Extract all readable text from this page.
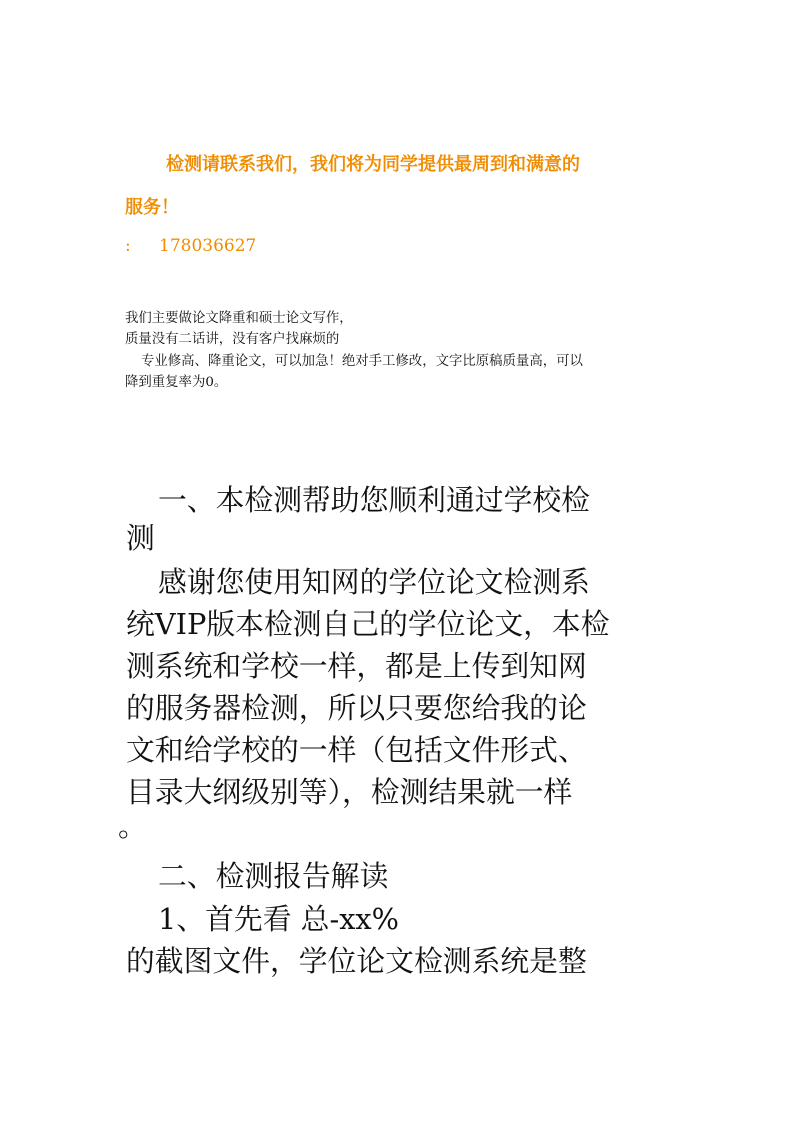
检测请联系我们，我们将为同学提供最周到和满意的
服务！
: 178036627
我们主要做论文降重和硕士论文写作，
质量没有二话讲，没有客户找麻烦的
专业修高、降重论文，可以加急！绝对手工修改，文字比原稿质量高，可以
降到重复率为0。
一、本检测帮助您顺利通过学校检
测
感谢您使用知网的学位论文检测系
统VIP版本检测自己的学位论文，本检
测系统和学校一样，都是上传到知网
的服务器检测，所以只要您给我的论
文和给学校的一样（包括文件形式、
目录大纲级别等），检测结果就一样
。
二、检测报告解读
1、首先看 总-xx%
的截图文件，学位论文检测系统是整
